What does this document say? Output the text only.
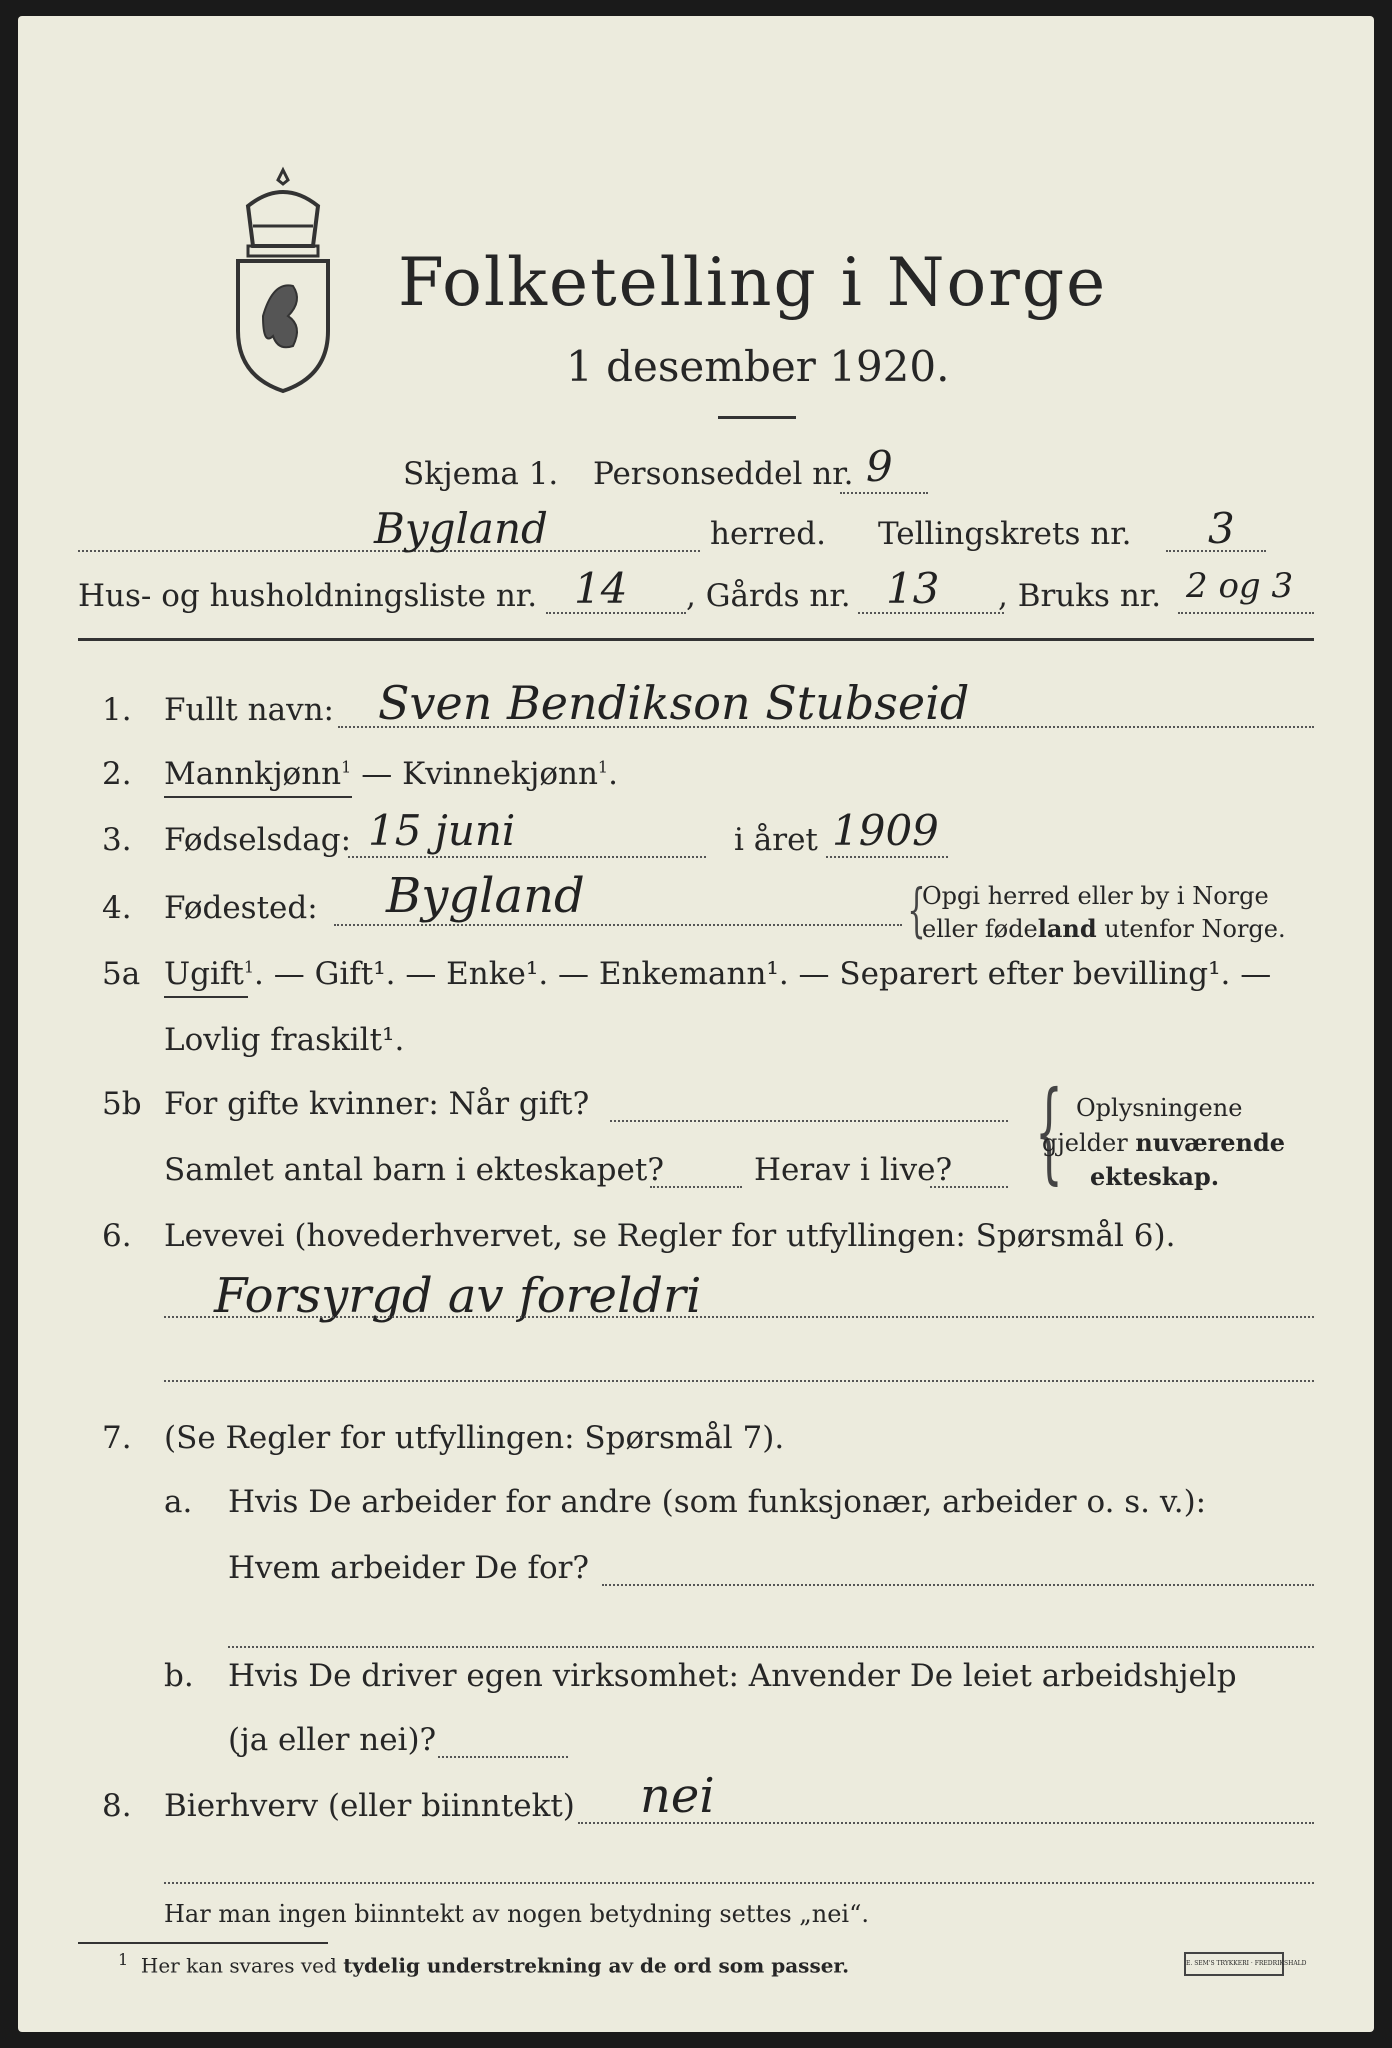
Folketelling i Norge
1 desember 1920.
Skjema 1. Personseddel nr. 9
Bygland	herred. Tellingskrets nr. 3
Hus- og husholdningsliste nr. 14 , Gårds nr. 13 , Bruks nr. 2 og 3
1. Fullt navn: Sven Bendikson Stubseid
2. Mannkjønn$^1$ — Kvinnekjønn$^1$.
3. Fødselsdag: 15 juni	i året 1909
4. Fødested: Bygland	{
Opgi herred eller by i Norge
eller fødeland utenfor Norge.
5a Ugift$^1$. — Gift¹. — Enke¹. — Enkemann¹. — Separert efter bevilling¹. —
Lovlig fraskilt¹.
5b For gifte kvinner: Når gift?
Samlet antal barn i ekteskapet?	Herav i live? { Oplysningene
gjelder nuværende
ekteskap.
6. Levevei (hovederhvervet, se Regler for utfyllingen: Spørsmål 6).
Forsyrgd av foreldri
7. (Se Regler for utfyllingen: Spørsmål 7).
a. Hvis De arbeider for andre (som funksjonær, arbeider o. s. v.):
Hvem arbeider De for?
b. Hvis De driver egen virksomhet: Anvender De leiet arbeidshjelp
(ja eller nei)?
8. Bierhverv (eller biinntekt) nei
Har man ingen biinntekt av nogen betydning settes „nei“.
$^1$ Her kan svares ved tydelig understrekning av de ord som passer.	E. SEM'S TRYKKERI · FREDRIKSHALD
